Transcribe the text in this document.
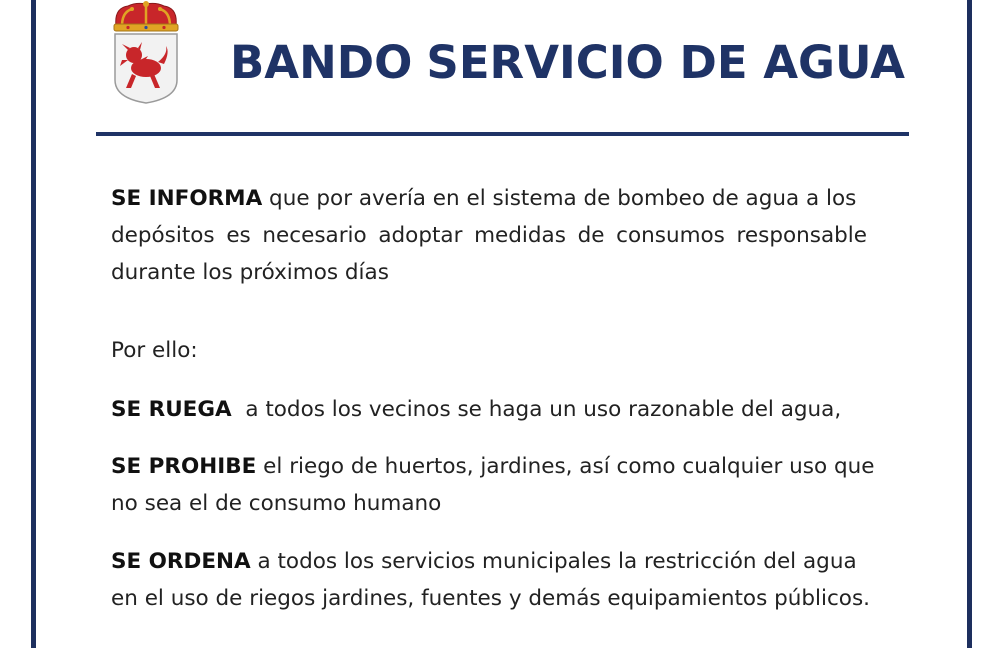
BANDO SERVICIO DE AGUA
SE INFORMA que por avería en el sistema de bombeo de agua a los
depósitos es necesario adoptar medidas de consumos responsable
durante los próximos días
Por ello:
SE RUEGA  a todos los vecinos se haga un uso razonable del agua,
SE PROHIBE el riego de huertos, jardines, así como cualquier uso que
no sea el de consumo humano
SE ORDENA a todos los servicios municipales la restricción del agua
en el uso de riegos jardines, fuentes y demás equipamientos públicos.
